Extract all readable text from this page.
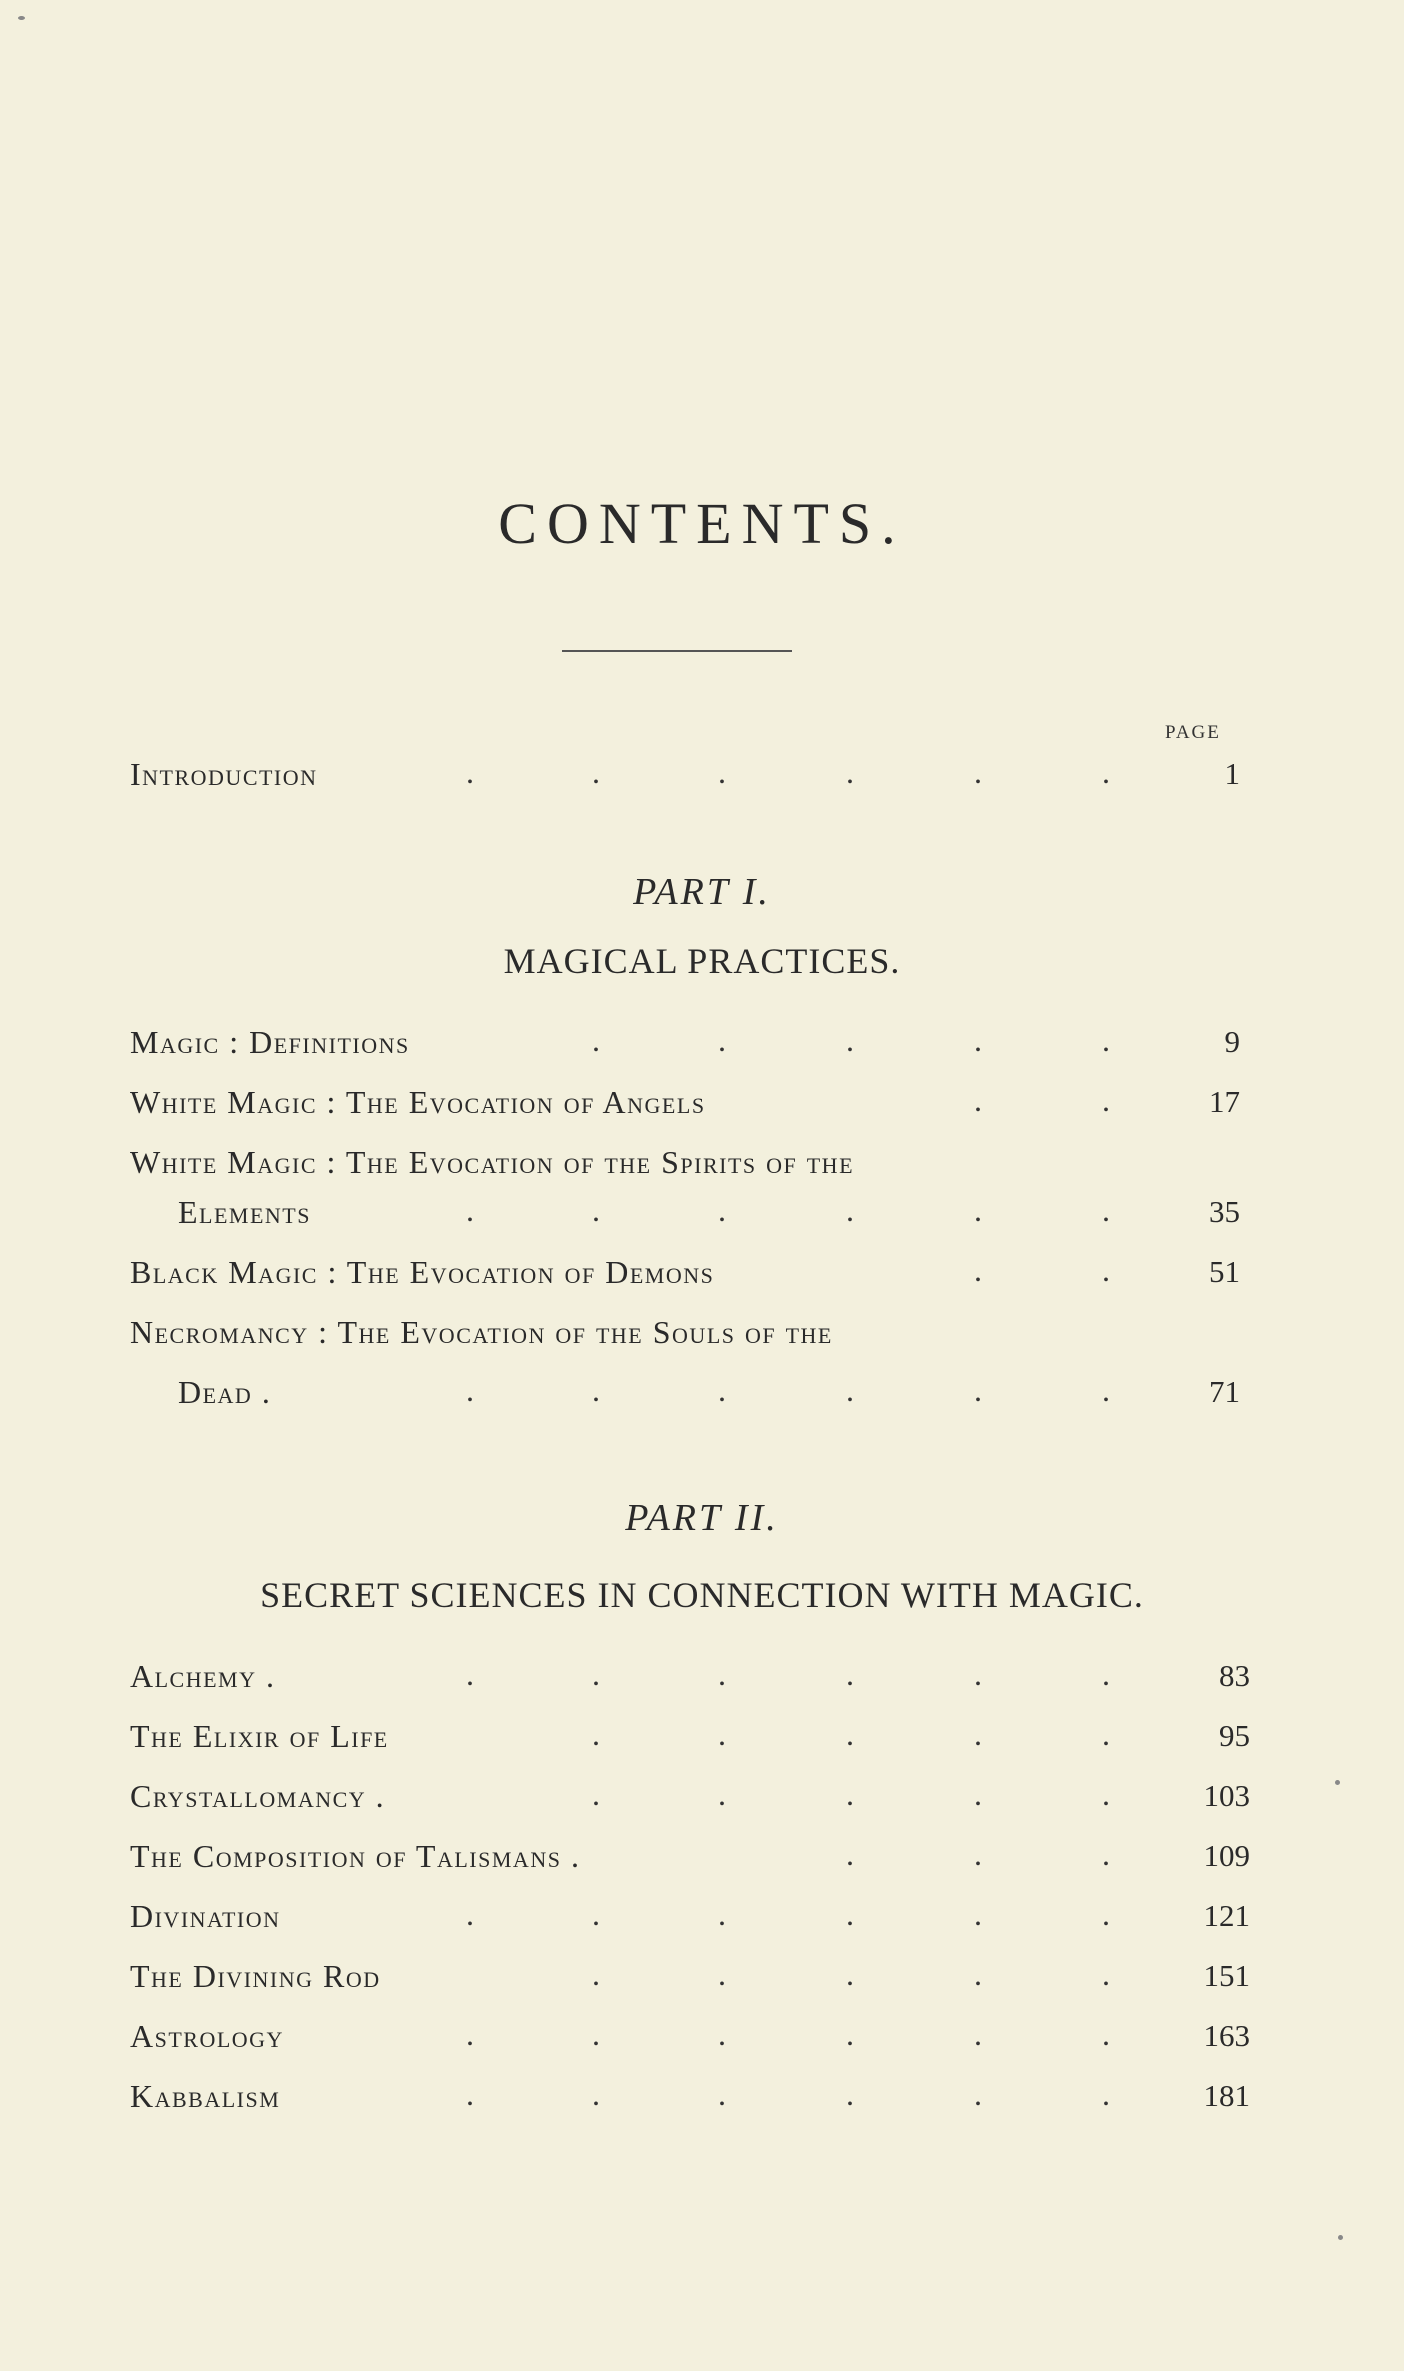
CONTENTS.
PAGE
Introduction	.	.	.	.	.	.	1
PART I.
MAGICAL PRACTICES.
Magic : Definitions	.	.	.	.	.	9
White Magic : The Evocation of Angels	.	.	17
White Magic : The Evocation of the Spirits of the
Elements	.	.	.	.	.	.	35
Black Magic : The Evocation of Demons	.	.	51
Necromancy : The Evocation of the Souls of the
Dead .	.	.	.	.	.	.	71
PART II.
SECRET SCIENCES IN CONNECTION WITH MAGIC.
Alchemy .	.	.	.	.	.	.	83
The Elixir of Life	.	.	.	.	.	95
Crystallomancy .	.	.	.	.	.	103
The Composition of Talismans .	.	.	.	109
Divination	.	.	.	.	.	.	121
The Divining Rod	.	.	.	.	.	151
Astrology	.	.	.	.	.	.	163
Kabbalism	.	.	.	.	.	.	181
